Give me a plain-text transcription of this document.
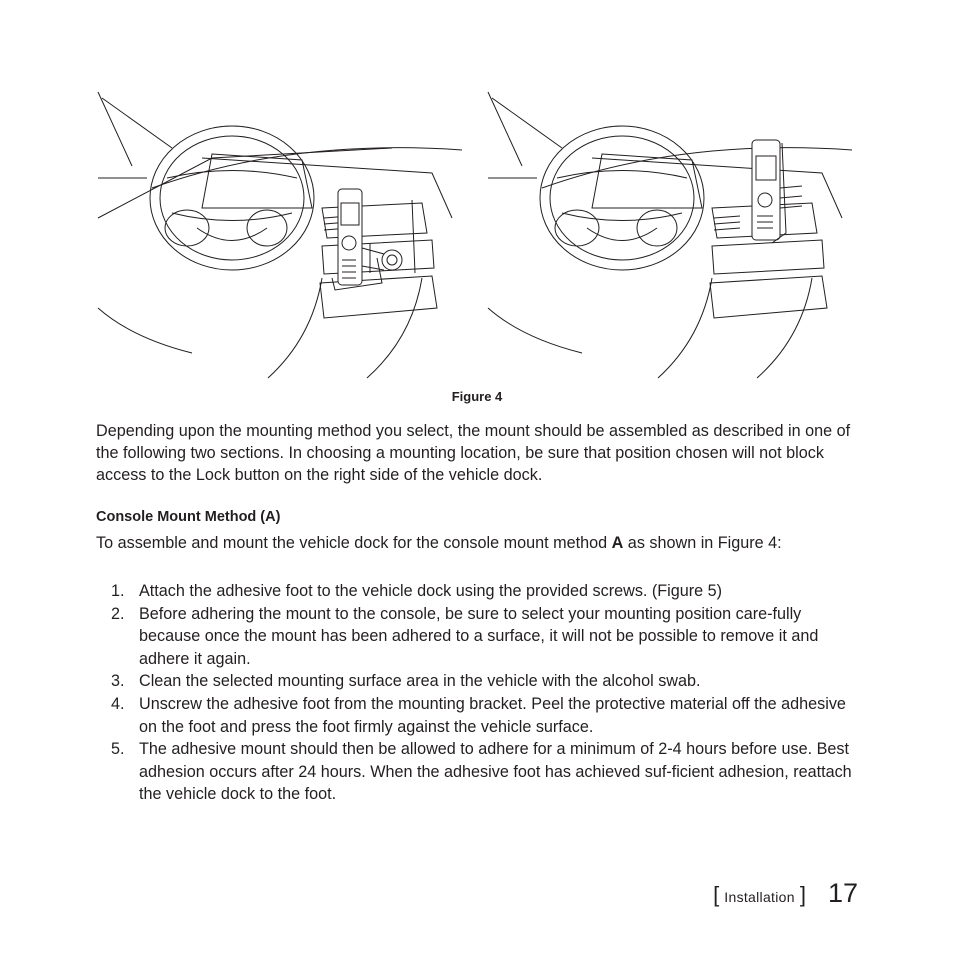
Figure 4

Depending upon the mounting method you select, the mount should be assembled as described in one of the following two sections. In choosing a mounting location, be sure that position chosen will not block access to the Lock button on the right side of the vehicle dock.

Console Mount Method (A)

To assemble and mount the vehicle dock for the console mount method A as shown in Figure 4:

1. Attach the adhesive foot to the vehicle dock using the provided screws. (Figure 5)
2. Before adhering the mount to the console, be sure to select your mounting position care-fully because once the mount has been adhered to a surface, it will not be possible to remove it and adhere it again.
3. Clean the selected mounting surface area in the vehicle with the alcohol swab.
4. Unscrew the adhesive foot from the mounting bracket. Peel the protective material off the adhesive on the foot and press the foot firmly against the vehicle surface.
5. The adhesive mount should then be allowed to adhere for a minimum of 2-4 hours before use. Best adhesion occurs after 24 hours. When the adhesive foot has achieved suf-ficient adhesion, reattach the vehicle dock to the foot.
[ Installation ] 17
